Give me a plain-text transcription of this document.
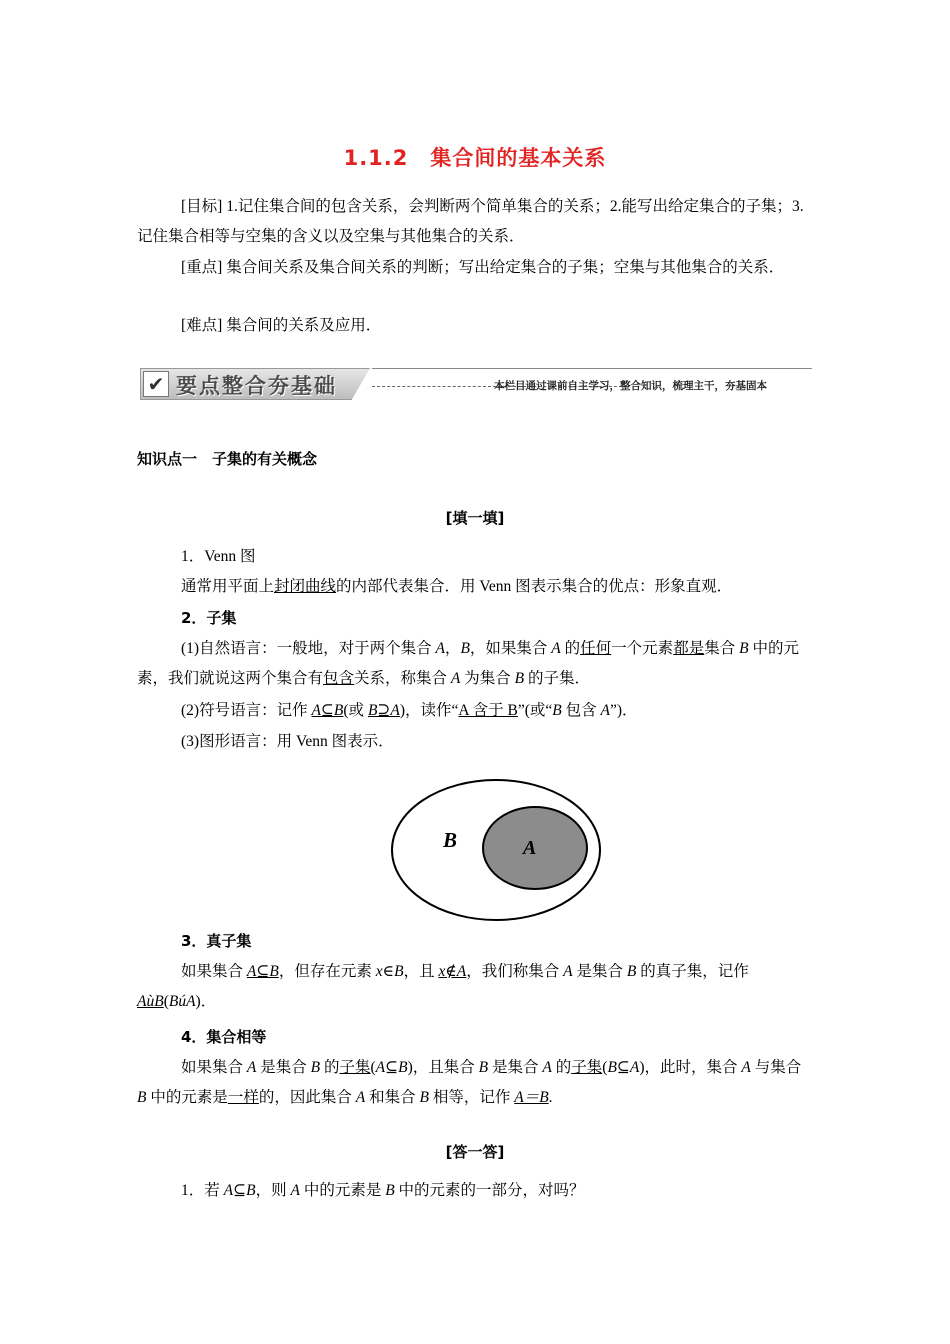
1.1.2　集合间的基本关系
[目标] 1.记住集合间的包含关系，会判断两个简单集合的关系；2.能写出给定集合的子集；3.记住集合相等与空集的含义以及空集与其他集合的关系．
[重点] 集合间关系及集合间关系的判断；写出给定集合的子集；空集与其他集合的关系．
[难点] 集合间的关系及应用．
✔ 要点整合夯基础	本栏目通过课前自主学习，整合知识，梳理主干，夯基固本
知识点一　子集的有关概念
[填一填]
1．Venn 图
通常用平面上封闭曲线的内部代表集合．用 Venn 图表示集合的优点：形象直观．
2．子集
(1)自然语言：一般地，对于两个集合 A，B，如果集合 A 的任何一个元素都是集合 B 中的元素，我们就说这两个集合有包含关系，称集合 A 为集合 B 的子集．
(2)符号语言：记作 A⊆B(或 B⊇A)，读作“A 含于 B”(或“B 包含 A”)．
(3)图形语言：用 Venn 图表示．
B	A
3．真子集
如果集合 A⊆B，但存在元素 x∈B，且 x∉A，我们称集合 A 是集合 B 的真子集，记作AùB(BúA)．
4．集合相等
如果集合 A 是集合 B 的子集(A⊆B)，且集合 B 是集合 A 的子集(B⊆A)，此时，集合 A 与集合 B 中的元素是一样的，因此集合 A 和集合 B 相等，记作 A＝B.
[答一答]
1．若 A⊆B，则 A 中的元素是 B 中的元素的一部分，对吗？
